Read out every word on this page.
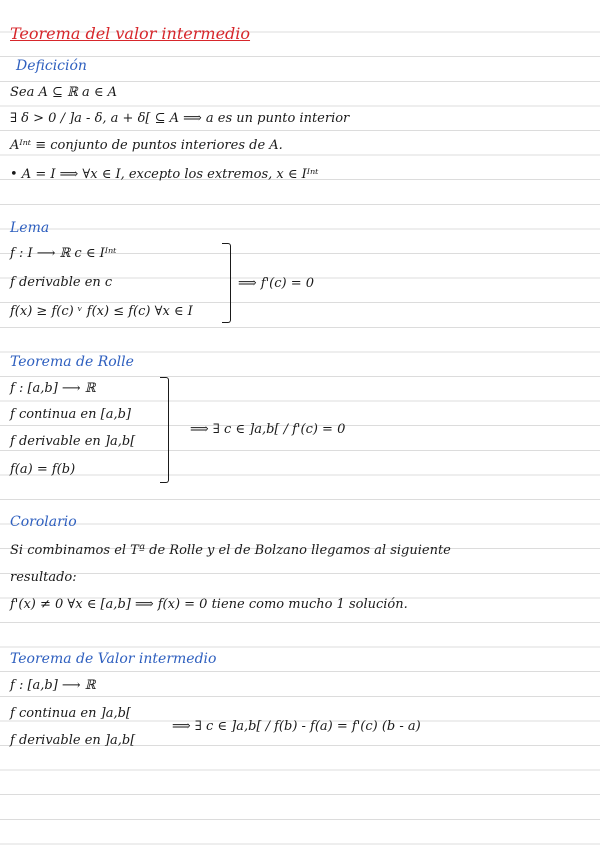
Teorema del valor intermedio
Deficición
Sea A ⊆ ℝ a ∈ A
∃ δ > 0 / ]a - δ, a + δ[ ⊆ A ⟹ a es un punto interior
Aᴵⁿᵗ ≡ conjunto de puntos interiores de A.
• A = I ⟹ ∀x ∈ I, excepto los extremos, x ∈ Iᴵⁿᵗ
Lema
f : I ⟶ ℝ c ∈ Iᴵⁿᵗ
f derivable en c
f(x) ≥ f(c) ᵛ f(x) ≤ f(c) ∀x ∈ I
⟹ f'(c) = 0
Teorema de Rolle
f : [a,b] ⟶ ℝ
f continua en [a,b]
f derivable en ]a,b[
f(a) = f(b)
⟹ ∃ c ∈ ]a,b[ / f'(c) = 0
Corolario
Si combinamos el Tª de Rolle y el de Bolzano llegamos al siguiente
resultado:
f'(x) ≠ 0 ∀x ∈ [a,b] ⟹ f(x) = 0 tiene como mucho 1 solución.
Teorema de Valor intermedio
f : [a,b] ⟶ ℝ
f continua en ]a,b[
f derivable en ]a,b[
⟹ ∃ c ∈ ]a,b[ / f(b) - f(a) = f'(c) (b - a)
